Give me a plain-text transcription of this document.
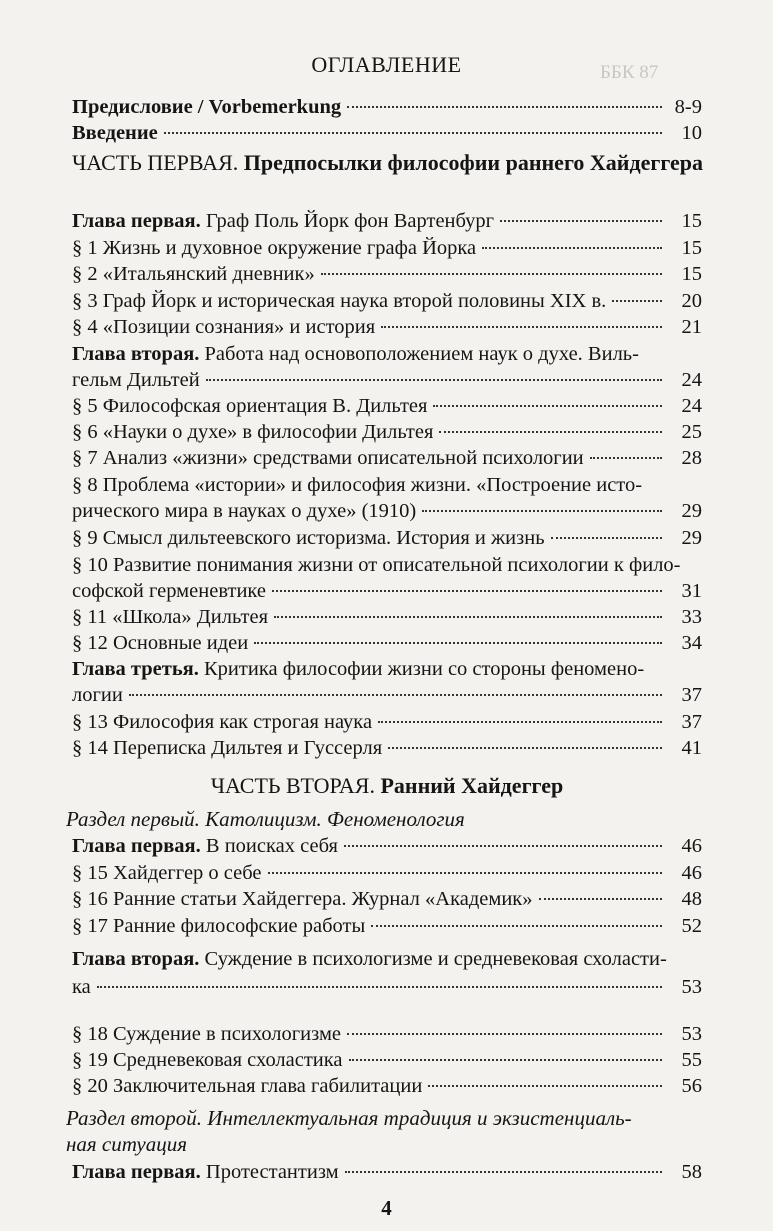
ББК 87
ОГЛАВЛЕНИЕ
Предисловие / Vorbemerkung	8-9
Введение	10
ЧАСТЬ ПЕРВАЯ. Предпосылки философии раннего Хайдеггера
Глава первая. Граф Поль Йорк фон Вартенбург	15
§ 1 Жизнь и духовное окружение графа Йорка	15
§ 2 «Итальянский дневник»	15
§ 3 Граф Йорк и историческая наука второй половины XIX в.	20
§ 4 «Позиции сознания» и история	21
Глава вторая. Работа над основоположением наук о духе. Виль-
гельм Дильтей	24
§ 5 Философская ориентация В. Дильтея	24
§ 6 «Науки о духе» в философии Дильтея	25
§ 7 Анализ «жизни» средствами описательной психологии	28
§ 8 Проблема «истории» и философия жизни. «Построение исто-
рического мира в науках о духе» (1910)	29
§ 9 Смысл дильтеевского историзма. История и жизнь	29
§ 10 Развитие понимания жизни от описательной психологии к фило-
софской герменевтике	31
§ 11 «Школа» Дильтея	33
§ 12 Основные идеи	34
Глава третья. Критика философии жизни со стороны феномено-
логии	37
§ 13 Философия как строгая наука	37
§ 14 Переписка Дильтея и Гуссерля	41
ЧАСТЬ ВТОРАЯ. Ранний Хайдеггер
Раздел первый. Католицизм. Феноменология
Глава первая. В поисках себя	46
§ 15 Хайдеггер о себе	46
§ 16 Ранние статьи Хайдеггера. Журнал «Академик»	48
§ 17 Ранние философские работы	52
Глава вторая. Суждение в психологизме и средневековая схоласти-
ка	53
§ 18 Суждение в психологизме	53
§ 19 Средневековая схоластика	55
§ 20 Заключительная глава габилитации	56
Раздел второй. Интеллектуальная традиция и экзистенциаль-
ная ситуация
Глава первая. Протестантизм	58
4
